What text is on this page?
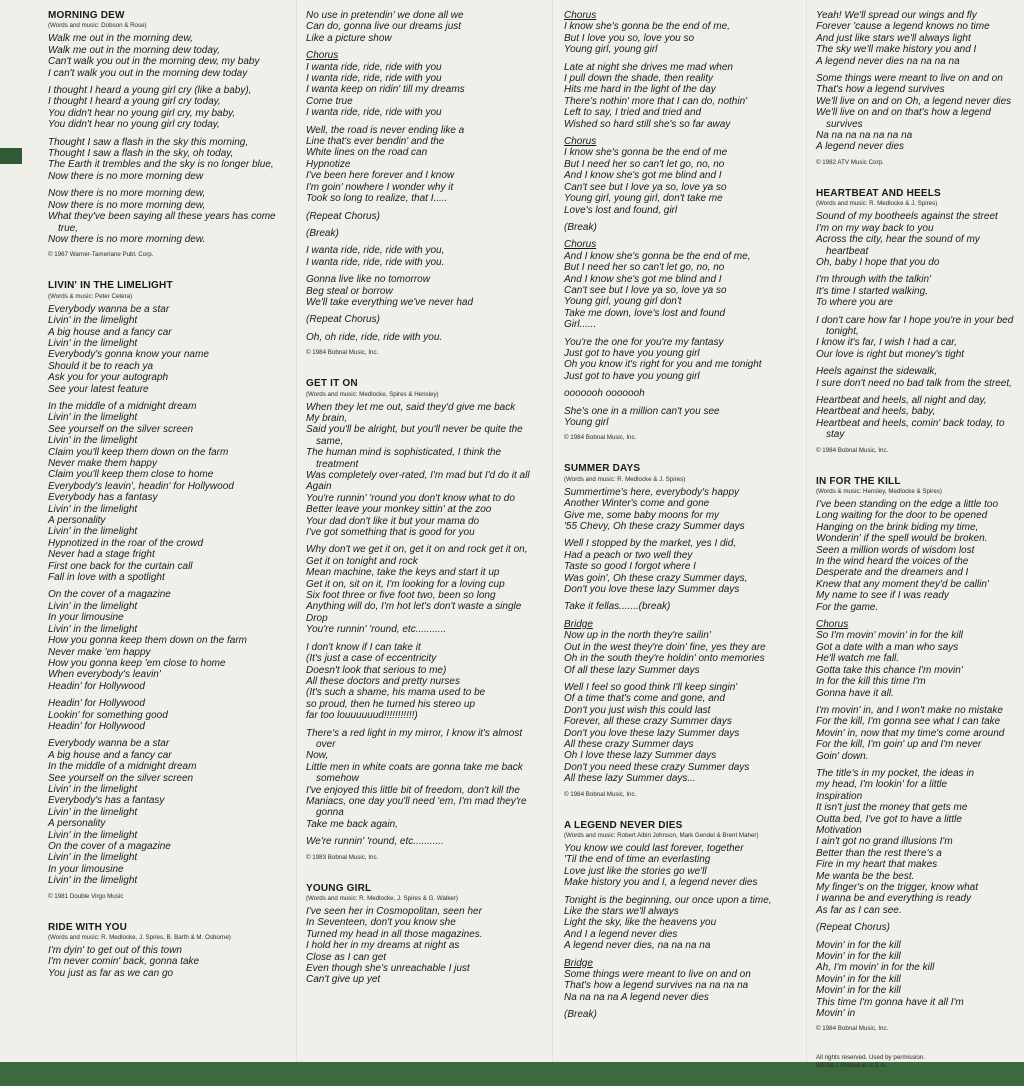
MORNING DEW
(Words and music: Dobson & Rose)
Walk me out in the morning dew,
Walk me out in the morning dew today,
Can't walk you out in the morning dew, my baby
I can't walk you out in the morning dew today
I thought I heard a young girl cry (like a baby),
I thought I heard a young girl cry today,
You didn't hear no young girl cry, my baby,
You didn't hear no young girl cry today,
Thought I saw a flash in the sky this morning,
Thought I saw a flash in the sky, oh today,
The Earth it trembles and the sky is no longer blue,
Now there is no more morning dew
Now there is no more morning dew,
Now there is no more morning dew,
What they've been saying all these years has come true,
Now there is no more morning dew.
© 1967 Warner-Tamerlane Publ. Corp.
LIVIN' IN THE LIMELIGHT
(Words & music: Peter Cetera)
Everybody wanna be a star
Livin' in the limelight
A big house and a fancy car
Livin' in the limelight
Everybody's gonna know your name
Should it be to reach ya
Ask you for your autograph
See your latest feature
In the middle of a midnight dream
Livin' in the limelight
See yourself on the silver screen
Livin' in the limelight
Claim you'll keep them down on the farm
Never make them happy
Claim you'll keep them close to home
Everybody's leavin', headin' for Hollywood
Everybody has a fantasy
Livin' in the limelight
A personality
Livin' in the limelight
Hypnotized in the roar of the crowd
Never had a stage fright
First one back for the curtain call
Fall in love with a spotlight
On the cover of a magazine
Livin' in the limelight
In your limousine
Livin' in the limelight
How you gonna keep them down on the farm
Never make 'em happy
How you gonna keep 'em close to home
When everybody's leavin'
Headin' for Hollywood
Headin' for Hollywood
Lookin' for something good
Headin' for Hollywood
Everybody wanna be a star
A big house and a fancy car
In the middle of a midnight dream
See yourself on the silver screen
Livin' in the limelight
Everybody's has a fantasy
Livin' in the limelight
A personality
Livin' in the limelight
On the cover of a magazine
Livin' in the limelight
In your limousine
Livin' in the limelight
© 1981 Double Virgo Music
RIDE WITH YOU
(Words and music: R. Medlocke, J. Spires, B. Barth & M. Osborne)
I'm dyin' to get out of this town
I'm never comin' back, gonna take
You just as far as we can go
No use in pretendin' we done all we
Can do, gonna live our dreams just
Like a picture show
Chorus
I wanta ride, ride, ride with you
I wanta ride, ride, ride with you
I wanta keep on ridin' till my dreams
Come true
I wanta ride, ride, ride with you
Well, the road is never ending like a
Line that's ever bendin' and the
White lines on the road can
Hypnotize
I've been here forever and I know
I'm goin' nowhere I wonder why it
Took so long to realize, that I.....
(Repeat Chorus)
(Break)
I wanta ride, ride, ride with you,
I wanta ride, ride, ride with you.
Gonna live like no tomorrow
Beg steal or borrow
We'll take everything we've never had
(Repeat Chorus)
Oh, oh ride, ride, ride with you.
© 1984 Bobnal Music, Inc.
GET IT ON
(Words and music: Medlocke, Spires & Hensley)
When they let me out, said they'd give me back
My brain,
Said you'll be alright, but you'll never be quite the same,
The human mind is sophisticated, I think the treatment
Was completely over-rated, I'm mad but I'd do it all
Again
You're runnin' 'round you don't know what to do
Better leave your monkey sittin' at the zoo
Your dad don't like it but your mama do
I've got something that is good for you
Why don't we get it on, get it on and rock get it on,
Get it on tonight and rock
Mean machine, take the keys and start it up
Get it on, sit on it, I'm looking for a loving cup
Six foot three or five foot two, been so long
Anything will do, I'm hot let's don't waste a single
Drop
You're runnin' 'round, etc...........
I don't know if I can take it
(It's just a case of eccentricity
Doesn't look that serious to me)
All these doctors and pretty nurses
(It's such a shame, his mama used to be
so proud, then he turned his stereo up
far too louuuuuud!!!!!!!!!!!)
There's a red light in my mirror, I know it's almost over
Now,
Little men in white coats are gonna take me back somehow
I've enjoyed this little bit of freedom, don't kill the
Maniacs, one day you'll need 'em, I'm mad they're gonna
Take me back again,
We're runnin' 'round, etc...........
© 1983 Bobnal Music, Inc.
YOUNG GIRL
(Words and music: R. Medlocke, J. Spires & G. Walker)
I've seen her in Cosmopolitan, seen her
In Seventeen, don't you know she
Turned my head in all those magazines.
I hold her in my dreams at night as
Close as I can get
Even though she's unreachable I just
Can't give up yet
Chorus
I know she's gonna be the end of me,
But I love you so, love you so
Young girl, young girl
Late at night she drives me mad when
I pull down the shade, then reality
Hits me hard in the light of the day
There's nothin' more that I can do, nothin'
Left to say, I tried and tried and
Wished so hard still she's so far away
Chorus
I know she's gonna be the end of me
But I need her so can't let go, no, no
And I know she's got me blind and I
Can't see but I love ya so, love ya so
Young girl, young girl, don't take me
Love's lost and found, girl
(Break)
Chorus
And I know she's gonna be the end of me,
But I need her so can't let go, no, no
And I know she's got me blind and I
Can't see but I love ya so, love ya so
Young girl, young girl don't
Take me down, love's lost and found
Girl......
You're the one for you're my fantasy
Just got to have you young girl
Oh you know it's right for you and me tonight
Just got to have you young girl
ooooooh ooooooh
She's one in a million can't you see
Young girl
© 1984 Bobnal Music, Inc.
SUMMER DAYS
(Words and music: R. Medlocke & J. Spires)
Summertime's here, everybody's happy
Another Winter's come and gone
Give me, some baby moons for my
'55 Chevy, Oh these crazy Summer days
Well I stopped by the market, yes I did,
Had a peach or two well they
Taste so good I forgot where I
Was goin', Oh these crazy Summer days,
Don't you love these lazy Summer days
Take it fellas.......(break)
Bridge
Now up in the north they're sailin'
Out in the west they're doin' fine, yes they are
Oh in the south they're holdin' onto memories
Of all these lazy Summer days
Well I feel so good think I'll keep singin'
Of a time that's come and gone, and
Don't you just wish this could last
Forever, all these crazy Summer days
Don't you love these lazy Summer days
All these crazy Summer days
Oh I love these lazy Summer days
Don't you need these crazy Summer days
All these lazy Summer days...
© 1984 Bobnal Music, Inc.
A LEGEND NEVER DIES
(Words and music: Robert Albin Johnson, Mark Gendel & Brent Maher)
You know we could last forever, together
'Til the end of time an everlasting
Love just like the stories go we'll
Make history you and I, a legend never dies
Tonight is the beginning, our once upon a time,
Like the stars we'll always
Light the sky, like the heavens you
And I a legend never dies
A legend never dies, na na na na
Bridge
Some things were meant to live on and on
That's how a legend survives na na na na
Na na na na A legend never dies
(Break)
Yeah! We'll spread our wings and fly
Forever 'cause a legend knows no time
And just like stars we'll always light
The sky we'll make history you and I
A legend never dies na na na na
Some things were meant to live on and on
That's how a legend survives
We'll live on and on Oh, a legend never dies
We'll live on and on that's how a legend survives
Na na na na na na na
A legend never dies
© 1982 ATV Music Corp.
HEARTBEAT AND HEELS
(Words and music: R. Medlocke & J. Spires)
Sound of my bootheels against the street
I'm on my way back to you
Across the city, hear the sound of my heartbeat
Oh, baby I hope that you do
I'm through with the talkin'
It's time I started walking,
To where you are
I don't care how far I hope you're in your bed tonight,
I know it's far, I wish I had a car,
Our love is right but money's tight
Heels against the sidewalk,
I sure don't need no bad talk from the street,
Heartbeat and heels, all night and day,
Heartbeat and heels, baby,
Heartbeat and heels, comin' back today, to stay
© 1984 Bobnal Music, Inc.
IN FOR THE KILL
(Words & music: Hensley, Medlocke & Spires)
I've been standing on the edge a little too
Long waiting for the door to be opened
Hanging on the brink biding my time,
Wonderin' if the spell would be broken.
Seen a million words of wisdom lost
In the wind heard the voices of the
Desperate and the dreamers and I
Knew that any moment they'd be callin'
My name to see if I was ready
For the game.
Chorus
So I'm movin' movin' in for the kill
Got a date with a man who says
He'll watch me fall.
Gotta take this chance I'm movin'
In for the kill this time I'm
Gonna have it all.
I'm movin' in, and I won't make no mistake
For the kill, I'm gonna see what I can take
Movin' in, now that my time's come around
For the kill, I'm goin' up and I'm never
Goin' down.
The title's in my pocket, the ideas in
my head, I'm lookin' for a little
Inspiration
It isn't just the money that gets me
Outta bed, I've got to have a little
Motivation
I ain't got no grand illusions I'm
Better than the rest there's a
Fire in my heart that makes
Me wanta be the best.
My finger's on the trigger, know what
I wanna be and everything is ready
As far as I can see.
(Repeat Chorus)
Movin' in for the kill
Movin' in for the kill
Ah, I'm movin' in for the kill
Movin' in for the kill
Movin' in for the kill
This time I'm gonna have it all I'm
Movin' in
© 1984 Bobnal Music, Inc.
All rights reserved. Used by permission.
90218-1 Printed in U.S.A.
